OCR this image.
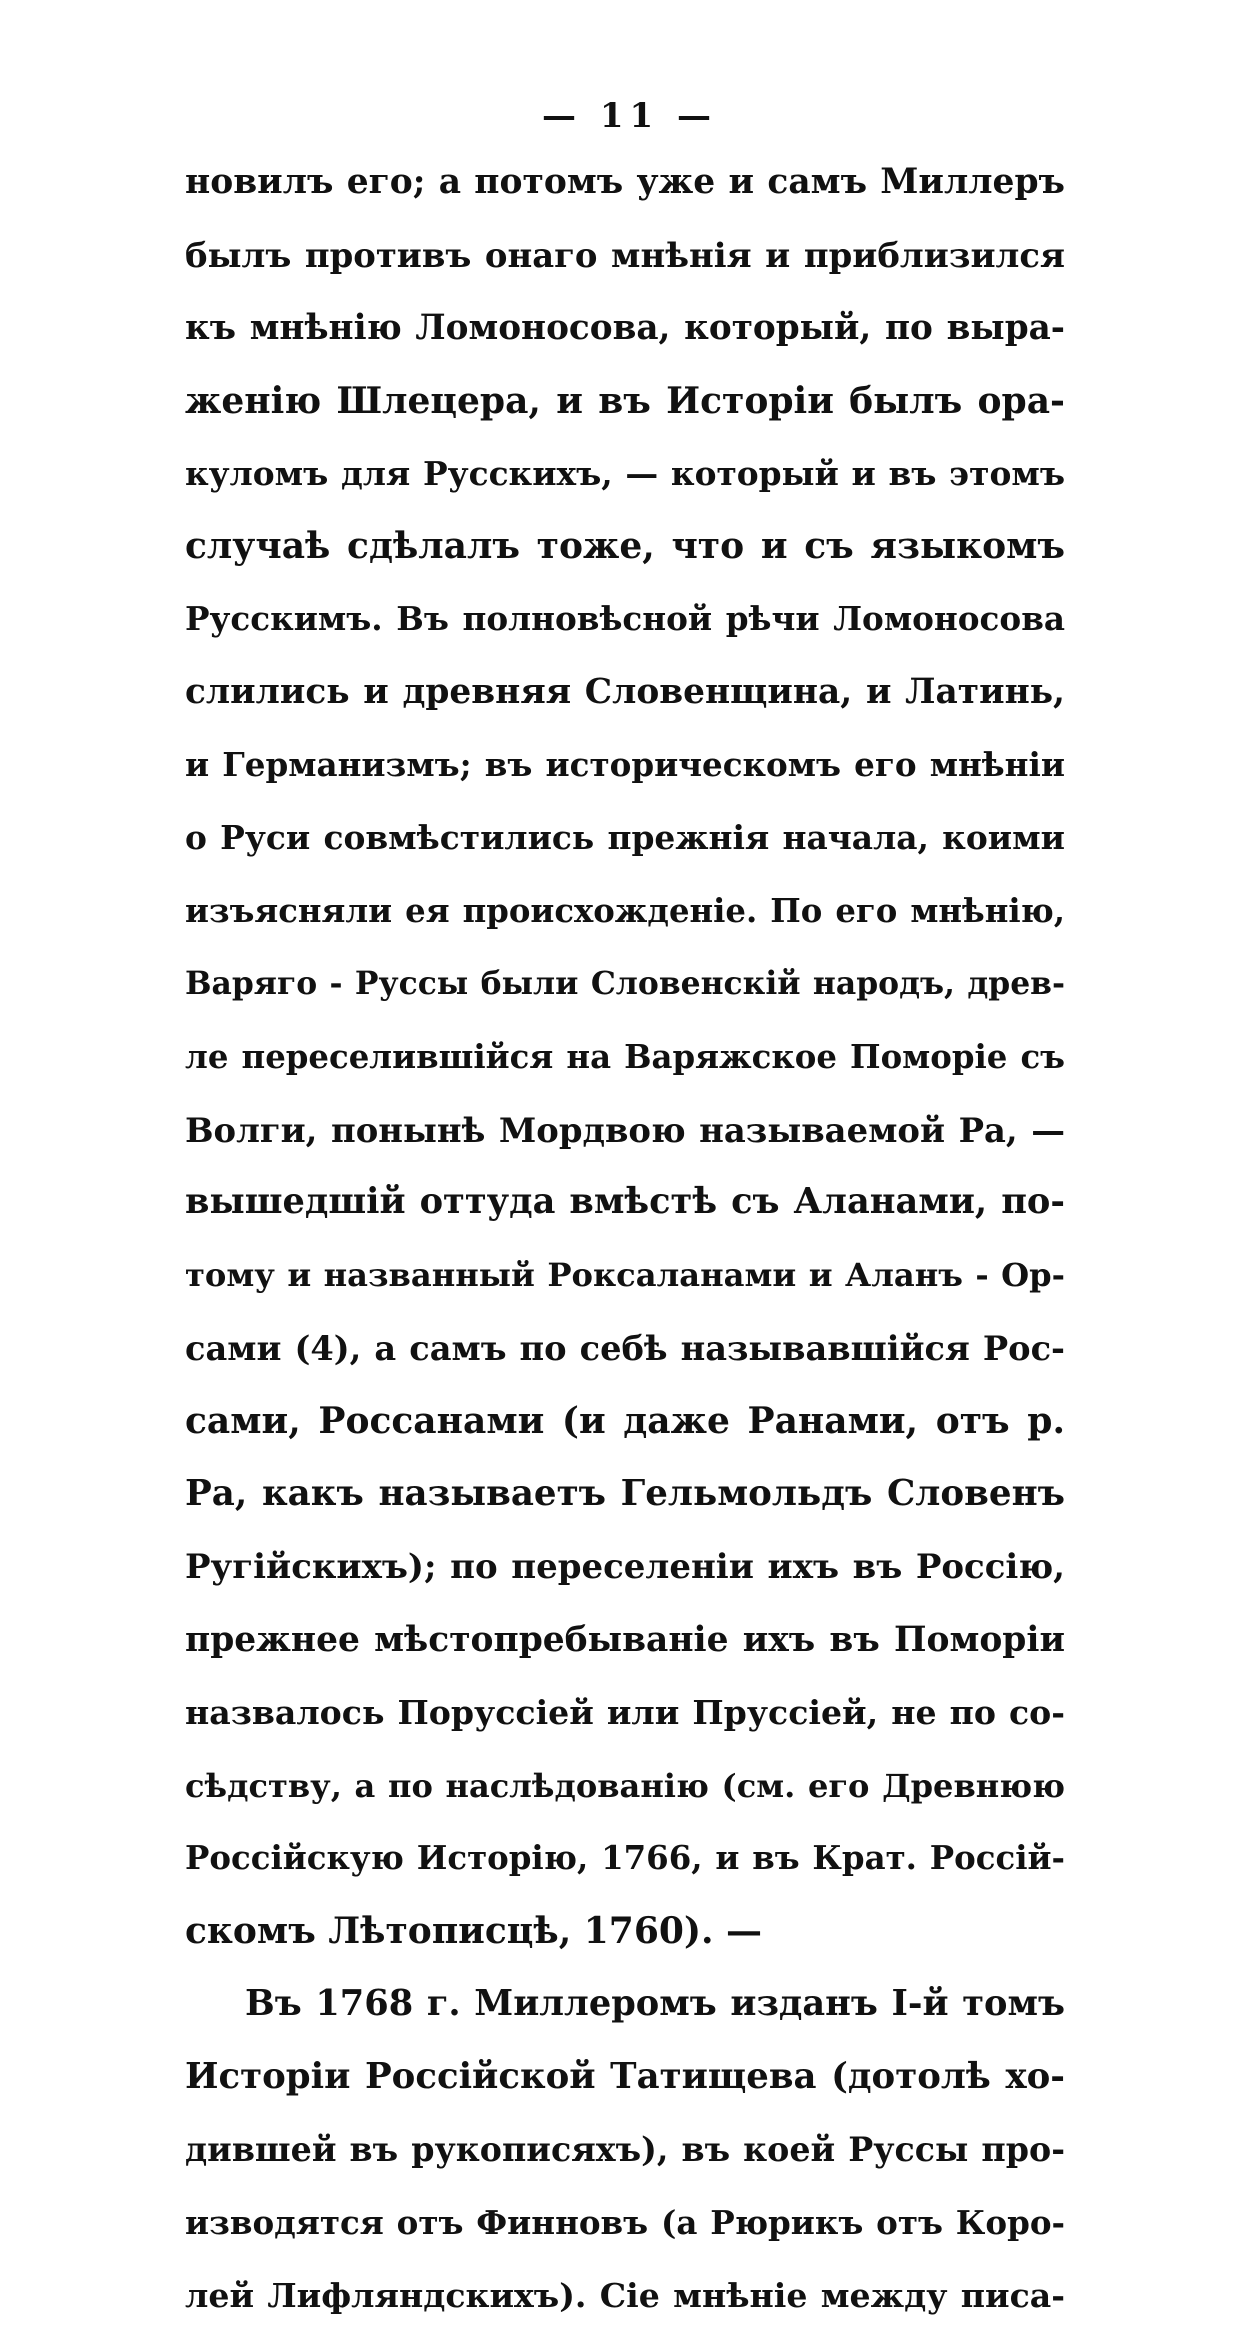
— 11 —
новилъ его; а потомъ уже и самъ Миллеръ
былъ противъ онаго мнѣнія и приблизился
къ мнѣнію Ломоносова, который, по выра-
женію Шлецера, и въ Исторіи былъ ора-
куломъ для Русскихъ, — который и въ этомъ
случаѣ сдѣлалъ тоже, что и съ языкомъ
Русскимъ. Въ полновѣсной рѣчи Ломоносова
слились и древняя Словенщина, и Латинь,
и Германизмъ; въ историческомъ его мнѣніи
о Руси совмѣстились прежнія начала, коими
изъясняли ея происхожденіе. По его мнѣнію,
Варяго - Руссы были Словенскій народъ, древ-
ле переселившійся на Варяжское Поморіе съ
Волги, понынѣ Мордвою называемой Ра, —
вышедшій оттуда вмѣстѣ съ Аланами, по-
тому и названный Роксаланами и Аланъ - Ор-
сами (4), а самъ по себѣ называвшійся Рос-
сами, Россанами (и даже Ранами, отъ р.
Ра, какъ называетъ Гельмольдъ Словенъ
Ругійскихъ); по переселеніи ихъ въ Россію,
прежнее мѣстопребываніе ихъ въ Поморіи
назвалось Порусcіей или Пруссіей, не по со-
сѣдству, а по наслѣдованію (см. его Древнюю
Россійскую Исторію, 1766, и въ Крат. Россій-
скомъ Лѣтописцѣ, 1760). —
Въ 1768 г. Миллеромъ изданъ І-й томъ
Исторіи Россійской Татищева (дотолѣ хо-
дившей въ рукописяхъ), въ коей Руссы про-
изводятся отъ Финновъ (а Рюрикъ отъ Коро-
лей Лифляндскихъ). Сіе мнѣніе между писа-
